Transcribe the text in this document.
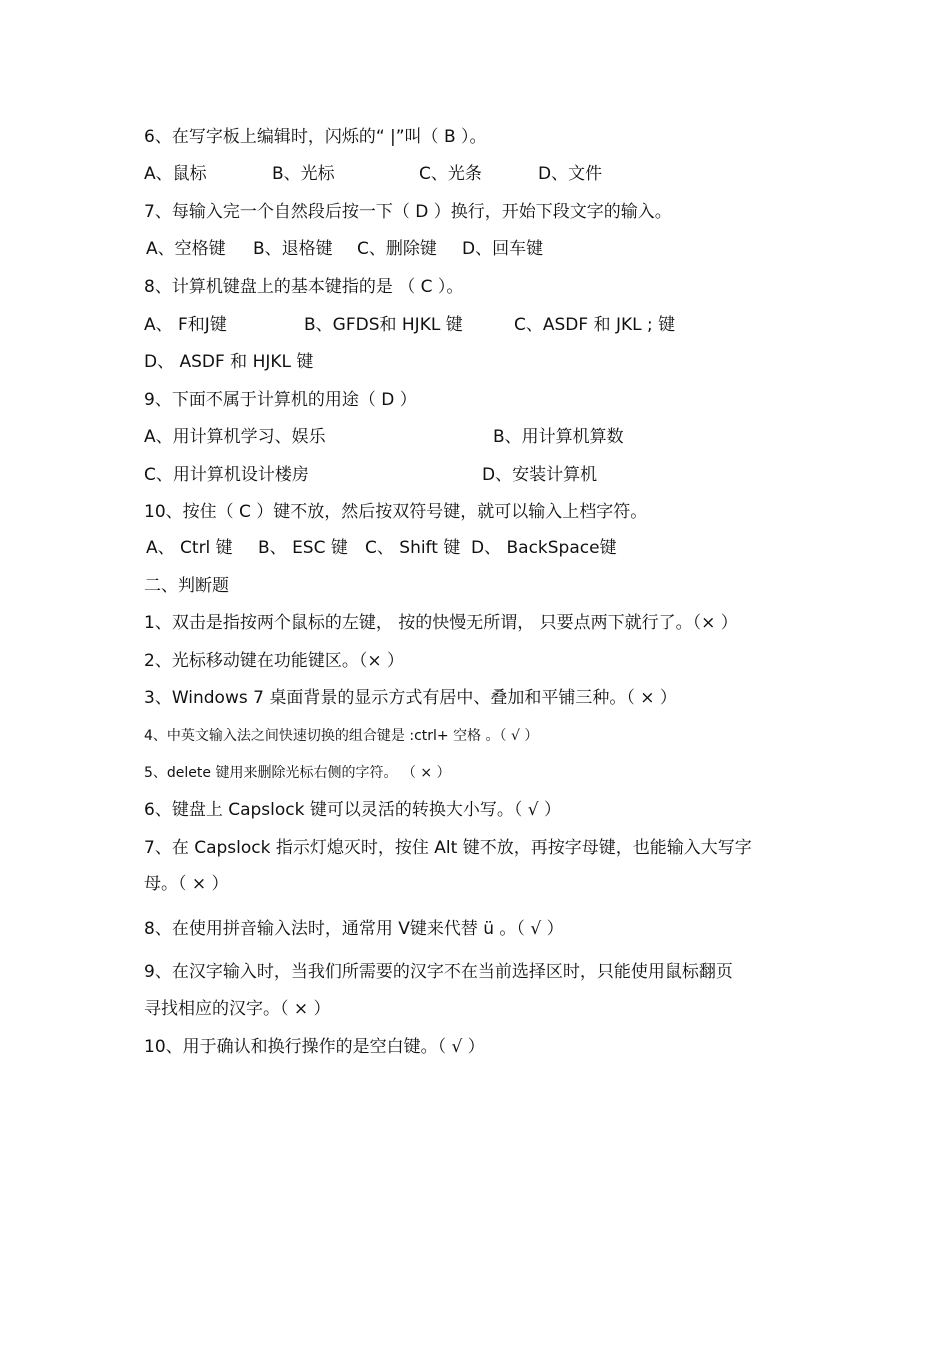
6、在写字板上编辑时，闪烁的“ |”叫（ B ）。
A、鼠标	B、光标	C、光条	D、文件
7、每输入完一个自然段后按一下（ D ）换行，开始下段文字的输入。
A、空格键 B、退格键 C、删除键 D、回车键
8、计算机键盘上的基本键指的是 （ C ）。
A、 F和J键	B、GFDS和 HJKL 键	C、ASDF 和 JKL ; 键
D、 ASDF 和 HJKL 键
9、下面不属于计算机的用途（ D ）
A、用计算机学习、娱乐	B、用计算机算数
C、用计算机设计楼房	D、安装计算机
10、按住（ C ）键不放，然后按双符号键，就可以输入上档字符。
A、 Ctrl 键 B、 ESC 键 C、 Shift 键 D、 BackSpace键
二、判断题
1、双击是指按两个鼠标的左键， 按的快慢无所谓， 只要点两下就行了。（× ）
2、光标移动键在功能键区。（× ）
3、Windows 7 桌面背景的显示方式有居中、叠加和平铺三种。（ × ）
4、中英文输入法之间快速切换的组合键是 :ctrl+ 空格 。（ √ ）
5、delete 键用来删除光标右侧的字符。 （ × ）
6、键盘上 Capslock 键可以灵活的转换大小写。（ √ ）
7、在 Capslock 指示灯熄灭时，按住 Alt 键不放，再按字母键，也能输入大写字
母。（ × ）
8、在使用拼音输入法时，通常用 V键来代替 ü 。（ √ ）
9、在汉字输入时，当我们所需要的汉字不在当前选择区时，只能使用鼠标翻页
寻找相应的汉字。（ × ）
10、用于确认和换行操作的是空白键。（ √ ）
